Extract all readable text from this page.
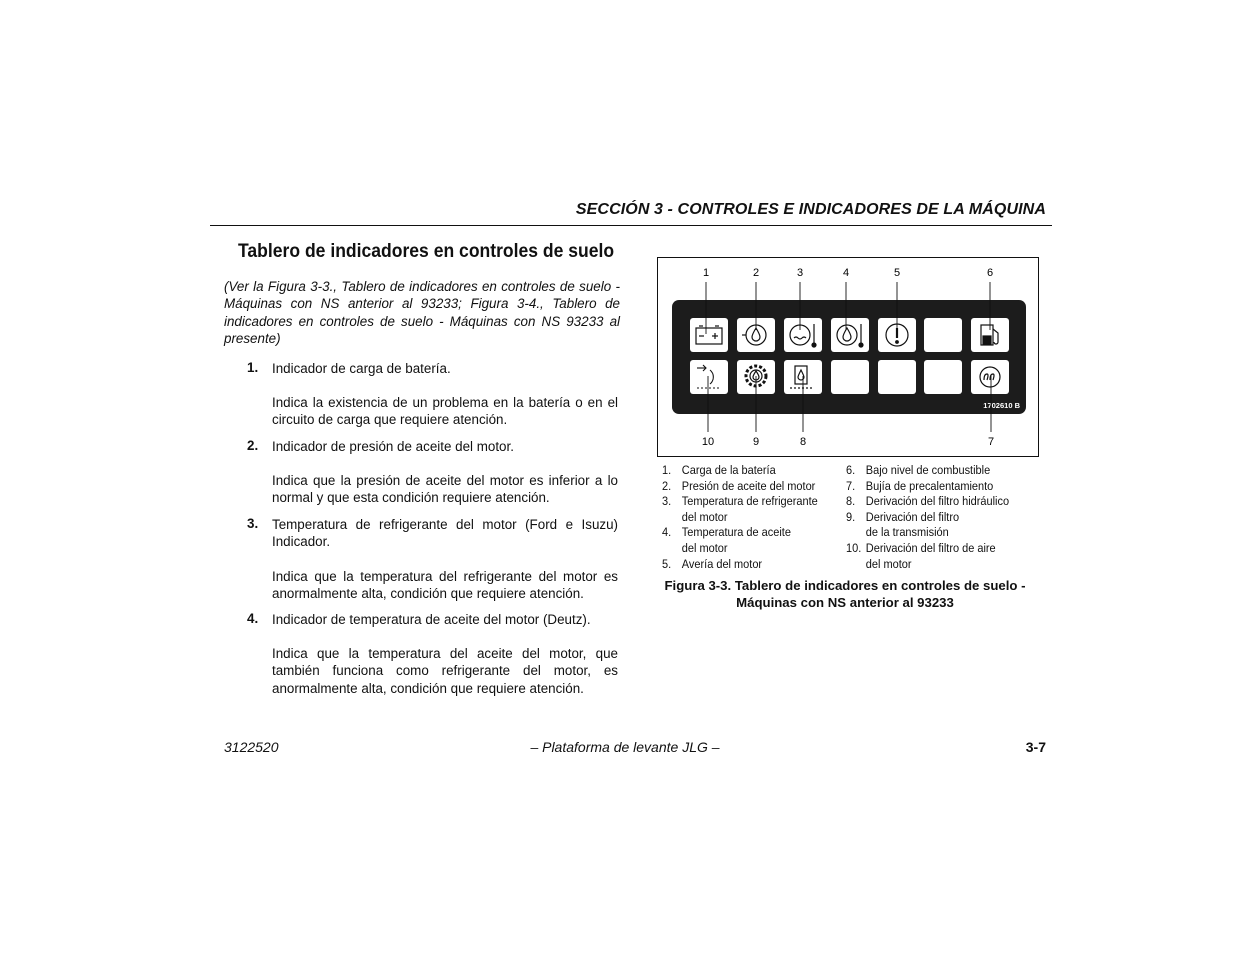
SECCIÓN 3 - CONTROLES E INDICADORES DE LA MÁQUINA
Tablero de indicadores en controles de suelo
(Ver la Figura 3-3., Tablero de indicadores en controles de suelo - Máquinas con NS anterior al 93233; Figura 3-4., Tablero de indicadores en controles de suelo - Máquinas con NS 93233 al presente)
1. Indicador de carga de batería.
Indica la existencia de un problema en la batería o en el circuito de carga que requiere atención.
2. Indicador de presión de aceite del motor.
Indica que la presión de aceite del motor es inferior a lo normal y que esta condición requiere atención.
3. Temperatura de refrigerante del motor (Ford e Isuzu) Indicador.
Indica que la temperatura del refrigerante del motor es anormalmente alta, condición que requiere atención.
4. Indicador de temperatura de aceite del motor (Deutz).
Indica que la temperatura del aceite del motor, que también funciona como refrigerante del motor, es anormalmente alta, condición que requiere atención.
1	2	3	4	5	6
1702610 B
10	9	8	7
1. Carga de la batería
2. Presión de aceite del motor
3. Temperatura de refrigerante
del motor
4. Temperatura de aceite
del motor
5. Avería del motor
6. Bajo nivel de combustible
7. Bujía de precalentamiento
8. Derivación del filtro hidráulico
9. Derivación del filtro
de la transmisión
10. Derivación del filtro de aire
del motor
Figura 3-3. Tablero de indicadores en controles de suelo - Máquinas con NS anterior al 93233
3122520	– Plataforma de levante JLG –	3-7
